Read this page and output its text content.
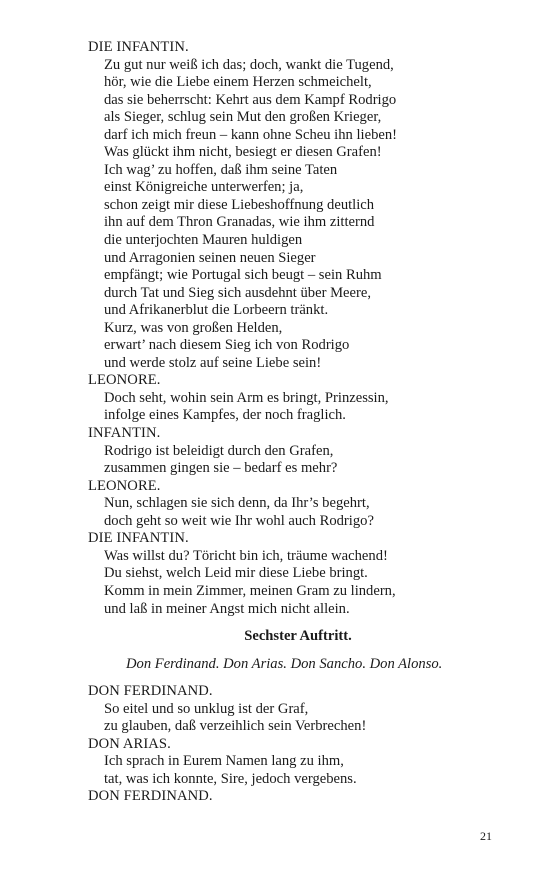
DIE INFANTIN.
Zu gut nur weiß ich das; doch, wankt die Tugend,
hör, wie die Liebe einem Herzen schmeichelt,
das sie beherrscht: Kehrt aus dem Kampf Rodrigo
als Sieger, schlug sein Mut den großen Krieger,
darf ich mich freun – kann ohne Scheu ihn lieben!
Was glückt ihm nicht, besiegt er diesen Grafen!
Ich wag’ zu hoffen, daß ihm seine Taten
einst Königreiche unterwerfen; ja,
schon zeigt mir diese Liebeshoffnung deutlich
ihn auf dem Thron Granadas, wie ihm zitternd
die unterjochten Mauren huldigen
und Arragonien seinen neuen Sieger
empfängt; wie Portugal sich beugt – sein Ruhm
durch Tat und Sieg sich ausdehnt über Meere,
und Afrikanerblut die Lorbeern tränkt.
Kurz, was von großen Helden,
erwart’ nach diesem Sieg ich von Rodrigo
und werde stolz auf seine Liebe sein!
LEONORE.
Doch seht, wohin sein Arm es bringt, Prinzessin,
infolge eines Kampfes, der noch fraglich.
INFANTIN.
Rodrigo ist beleidigt durch den Grafen,
zusammen gingen sie – bedarf es mehr?
LEONORE.
Nun, schlagen sie sich denn, da Ihr’s begehrt,
doch geht so weit wie Ihr wohl auch Rodrigo?
DIE INFANTIN.
Was willst du? Töricht bin ich, träume wachend!
Du siehst, welch Leid mir diese Liebe bringt.
Komm in mein Zimmer, meinen Gram zu lindern,
und laß in meiner Angst mich nicht allein.
Sechster Auftritt.
Don Ferdinand. Don Arias. Don Sancho. Don Alonso.
DON FERDINAND.
So eitel und so unklug ist der Graf,
zu glauben, daß verzeihlich sein Verbrechen!
DON ARIAS.
Ich sprach in Eurem Namen lang zu ihm,
tat, was ich konnte, Sire, jedoch vergebens.
DON FERDINAND.
21
